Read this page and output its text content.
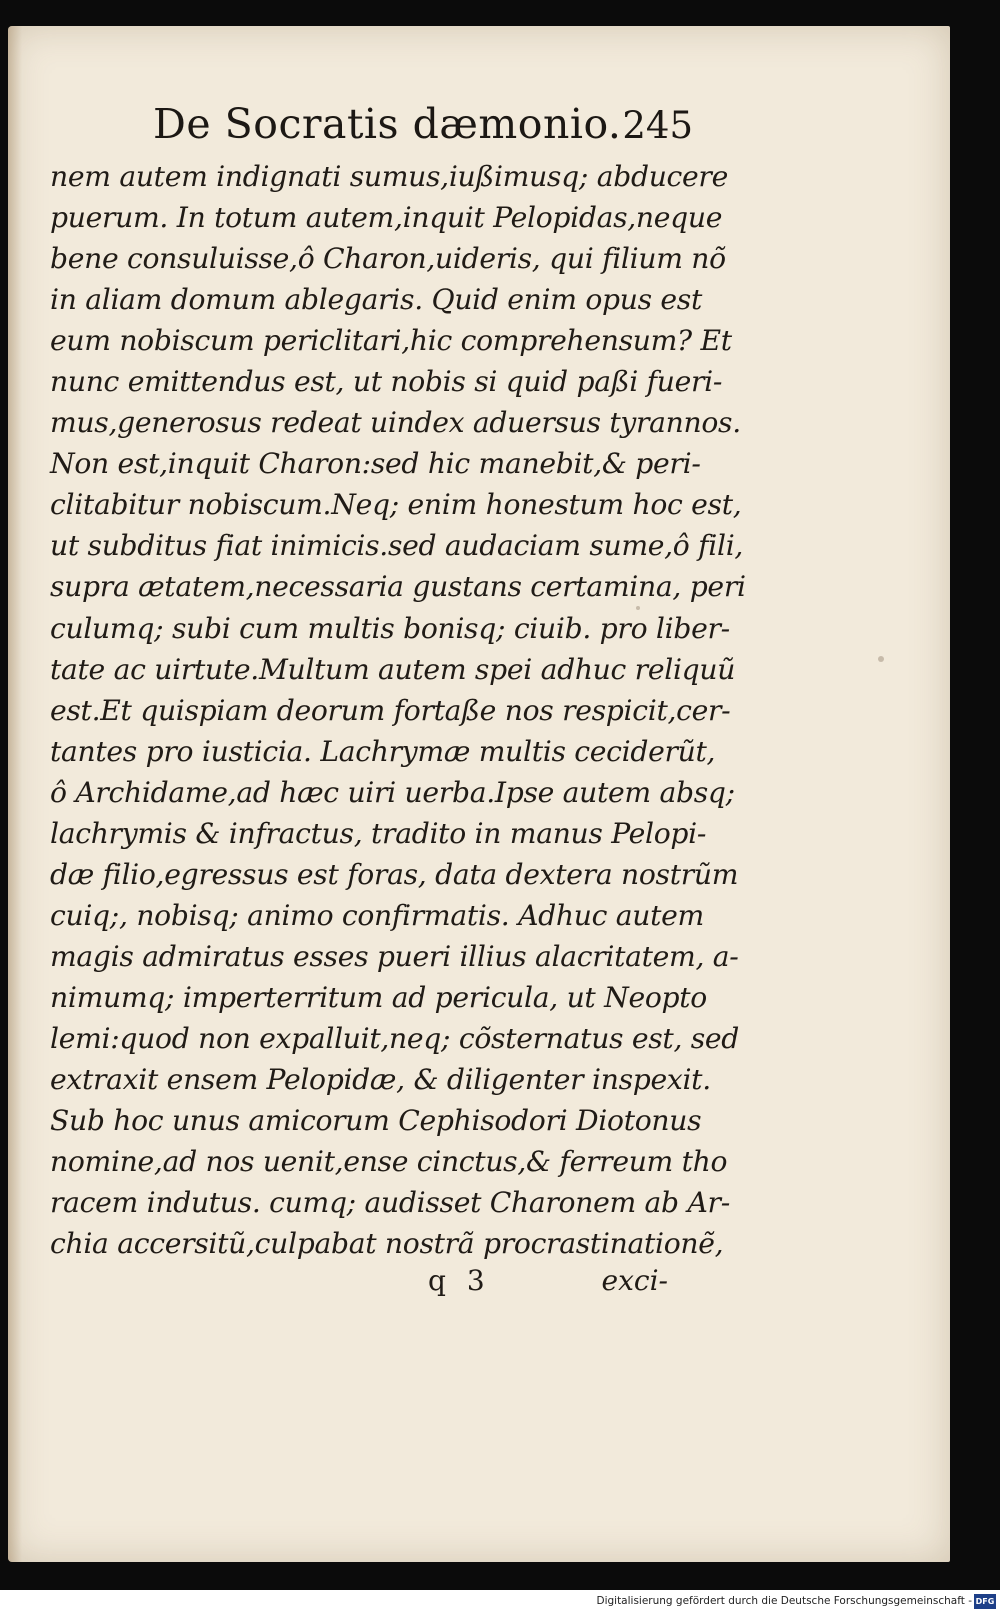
De Socratis dæmonio. 245
nem autem indignati sumus,iußimusq; abducere
puerum. In totum autem,inquit Pelopidas,neque
bene consuluisse,ô Charon,uideris, qui filium nõ
in aliam domum ablegaris. Quid enim opus est
eum nobiscum periclitari,hic comprehensum? Et
nunc emittendus est, ut nobis si quid paßi fueri-
mus,generosus redeat uindex aduersus tyrannos.
Non est,inquit Charon:sed hic manebit,& peri-
clitabitur nobiscum.Neq; enim honestum hoc est,
ut subditus fiat inimicis.sed audaciam sume,ô fili,
supra ætatem,necessaria gustans certamina, peri
culumq; subi cum multis bonisq; ciuib. pro liber-
tate ac uirtute.Multum autem spei adhuc reliquũ
est.Et quispiam deorum fortaße nos respicit,cer-
tantes pro iusticia. Lachrymæ multis ceciderũt,
ô Archidame,ad hæc uiri uerba.Ipse autem absq;
lachrymis & infractus, tradito in manus Pelopi-
dæ filio,egressus est foras, data dextera nostrũm
cuiq;, nobisq; animo confirmatis. Adhuc autem
magis admiratus esses pueri illius alacritatem, a-
nimumq; imperterritum ad pericula, ut Neopto
lemi:quod non expalluit,neq; cõsternatus est, sed
extraxit ensem Pelopidæ, & diligenter inspexit.
Sub hoc unus amicorum Cephisodori Diotonus
nomine,ad nos uenit,ense cinctus,& ferreum tho
racem indutus. cumq; audisset Charonem ab Ar-
chia accersitũ,culpabat nostrã procrastinationẽ,
q 3	exci-
Digitalisierung gefördert durch die Deutsche Forschungsgemeinschaft - DFG
